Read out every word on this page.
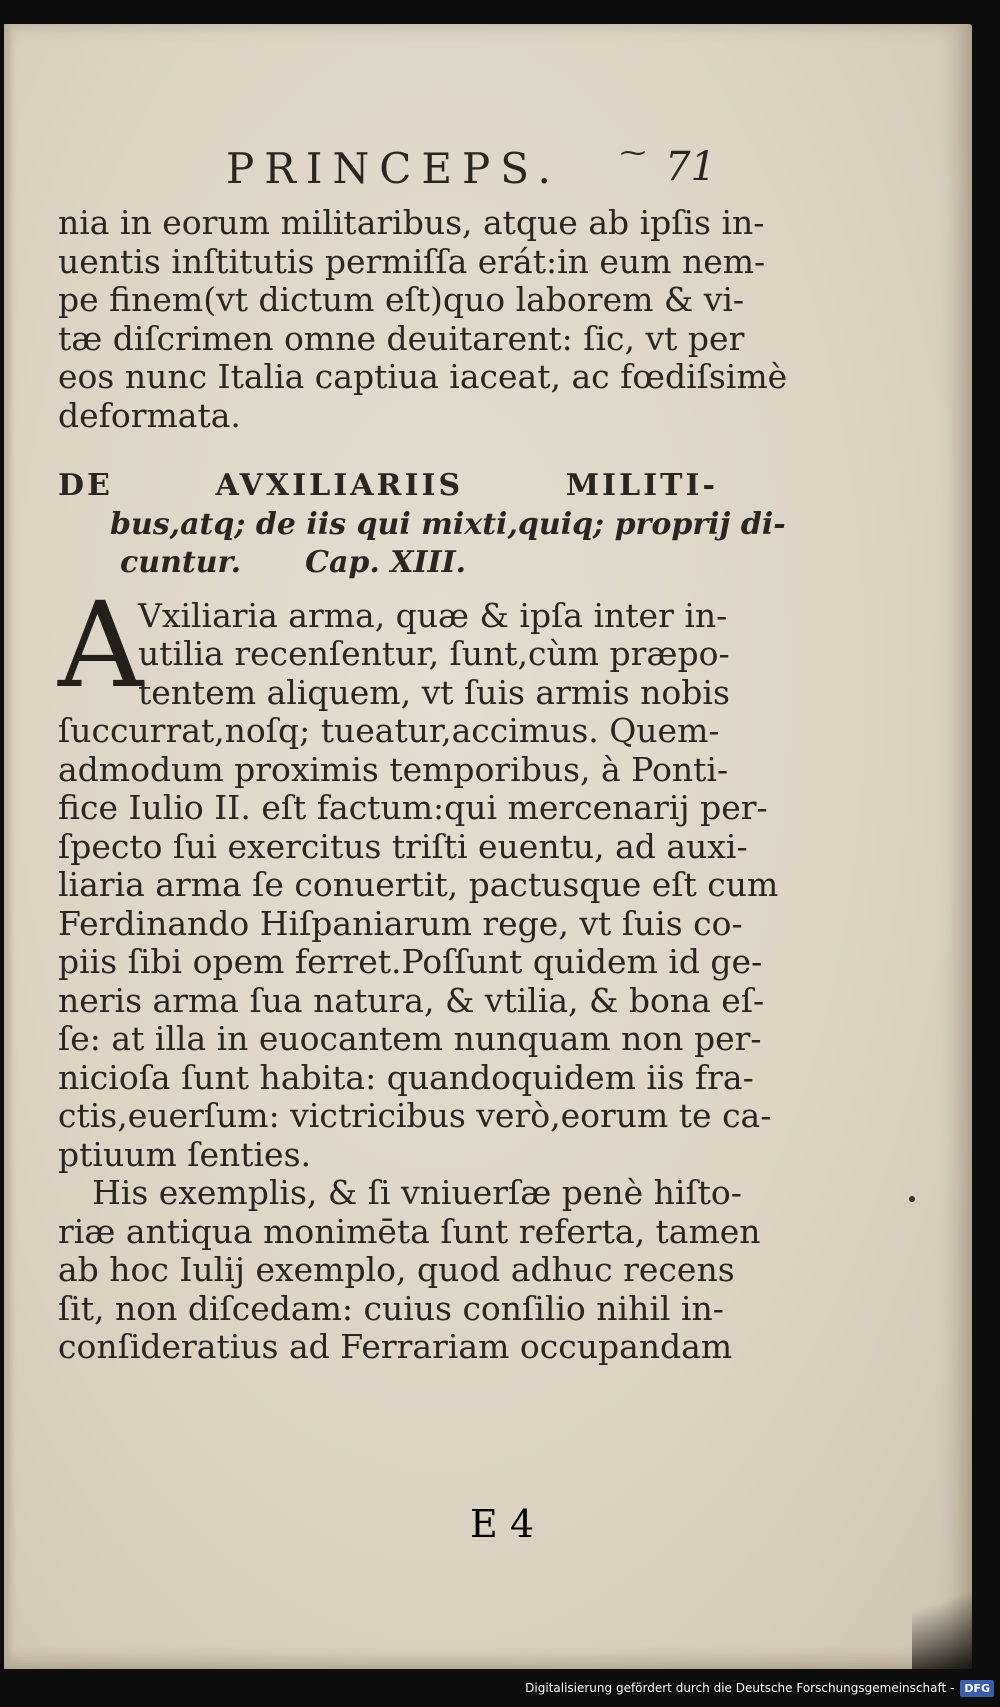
PRINCEPS. ⁓ 71
nia in eorum militaribus, atque ab ipſis in-
uentis inſtitutis permiſſa erát:in eum nem-
pe finem(vt dictum eſt)quo laborem & vi-
tæ diſcrimen omne deuitarent: ſic, vt per
eos nunc Italia captiua iaceat, ac fœdiſsimè
deformata.
DE AVXILIARIIS MILITI-
bus,atq; de iis qui mixti,quiq; proprij di-
cuntur. Cap. XIII.
A
Vxiliaria arma, quæ & ipſa inter in-
utilia recenſentur, ſunt,cùm præpo-
tentem aliquem, vt ſuis armis nobis
ſuccurrat,noſq; tueatur,accimus. Quem-
admodum proximis temporibus, à Ponti-
fice Iulio II. eſt factum:qui mercenarij per-
ſpecto ſui exercitus triſti euentu, ad auxi-
liaria arma ſe conuertit, pactusque eſt cum
Ferdinando Hiſpaniarum rege, vt ſuis co-
piis ſibi opem ferret.Poſſunt quidem id ge-
neris arma ſua natura, & vtilia, & bona eſ-
ſe: at illa in euocantem nunquam non per-
nicioſa ſunt habita: quandoquidem iis fra-
ctis,euerſum: victricibus verò,eorum te ca-
ptiuum ſenties.
His exemplis, & ſi vniuerſæ penè hiſto-
riæ antiqua monimēta ſunt referta, tamen
ab hoc Iulij exemplo, quod adhuc recens
ſit, non diſcedam: cuius conſilio nihil in-
conſideratius ad Ferrariam occupandam
E 4
Digitalisierung gefördert durch die Deutsche Forschungsgemeinschaft - DFG
